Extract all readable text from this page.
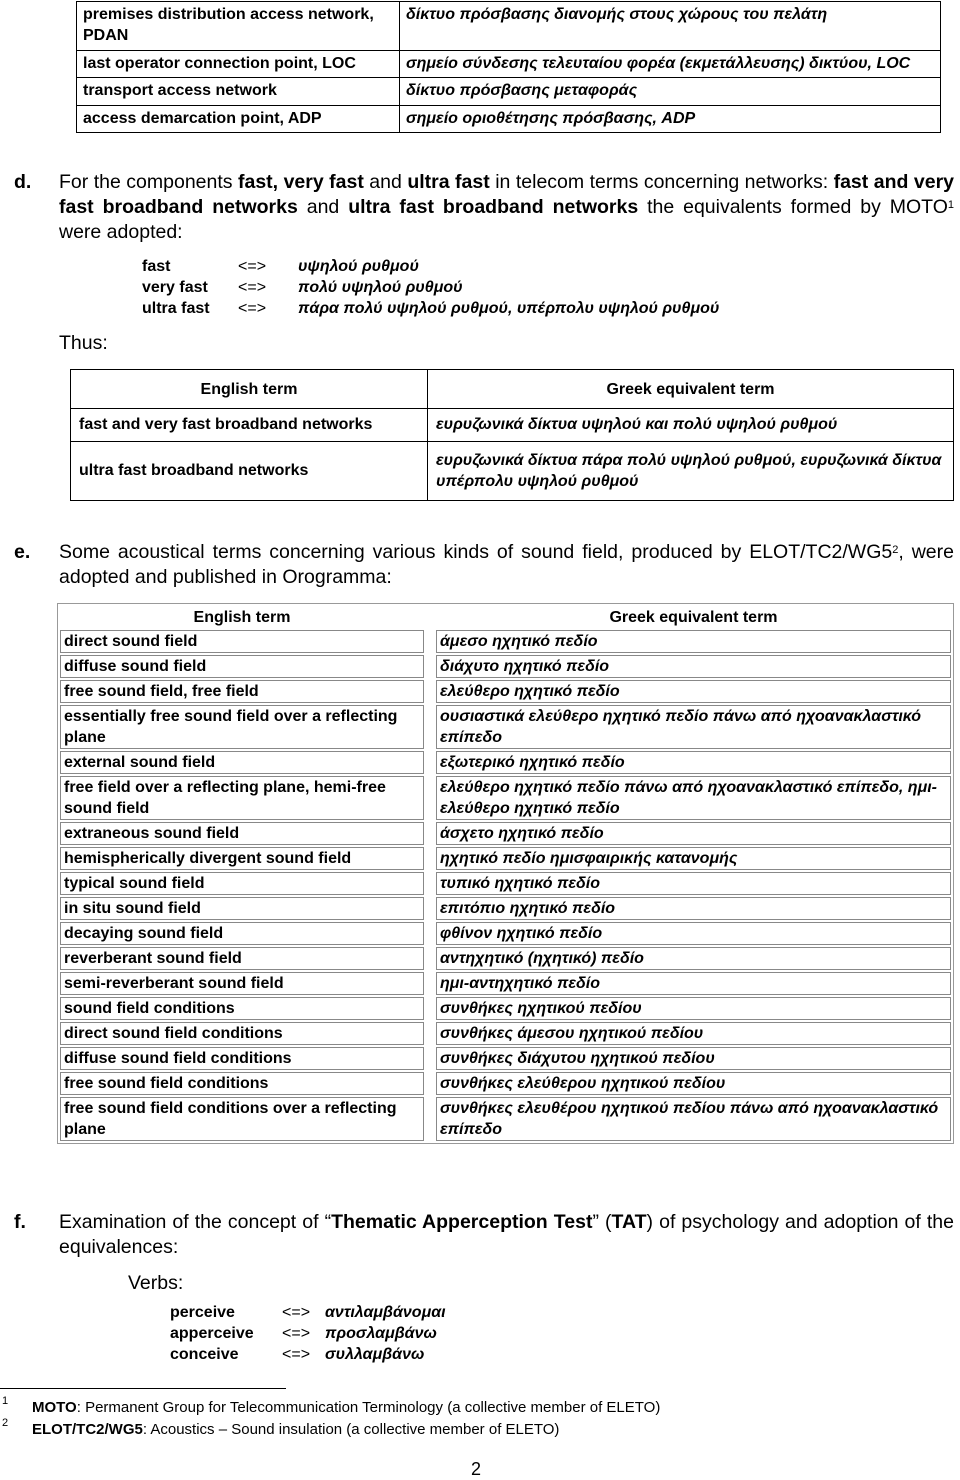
premises distribution access network, PDAN	δίκτυο πρόσβασης διανομής στους χώρους του πελάτη
last operator connection point, LOC	σημείο σύνδεσης τελευταίου φορέα (εκμετάλλευσης) δικτύου, LOC
transport access network	δίκτυο πρόσβασης μεταφοράς
access demarcation point, ADP	σημείο οριοθέτησης πρόσβασης, ADP
d. For the components fast, very fast and ultra fast in telecom terms concerning networks: fast and very fast broadband networks and ultra fast broadband networks the equivalents formed by MOTO$^1$ were adopted:
fast	<=> υψηλού ρυθμού
very fast <=> πολύ υψηλού ρυθμού
ultra fast <=> πάρα πολύ υψηλού ρυθμού, υπέρπολυ υψηλού ρυθμού
Thus:
English term	Greek equivalent term
fast and very fast broadband networks	ευρυζωνικά δίκτυα υψηλού και πολύ υψηλού ρυθμού
ultra fast broadband networks	ευρυζωνικά δίκτυα πάρα πολύ υψηλού ρυθμού, ευρυζωνικά δίκτυα υπέρπολυ υψηλού ρυθμού
e. Some acoustical terms concerning various kinds of sound field, produced by ELOT/$TC2/WG5^2$, were adopted and published in Orogramma:
English term		Greek equivalent term
direct sound field		άμεσο ηχητικό πεδίο
diffuse sound field		διάχυτο ηχητικό πεδίο
free sound field, free field		ελεύθερο ηχητικό πεδίο
essentially free sound field over a reflecting plane		ουσιαστικά ελεύθερο ηχητικό πεδίο πάνω από ηχοανακλαστικό επίπεδο
external sound field		εξωτερικό ηχητικό πεδίο
free field over a reflecting plane, hemi-free sound field		ελεύθερο ηχητικό πεδίο πάνω από ηχοανακλαστικό επίπεδο, ημι-ελεύθερο ηχητικό πεδίο
extraneous sound field		άσχετο ηχητικό πεδίο
hemispherically divergent sound field		ηχητικό πεδίο ημισφαιρικής κατανομής
typical sound field		τυπικό ηχητικό πεδίο
in situ sound field		επιτόπιο ηχητικό πεδίο
decaying sound field		φθίνον ηχητικό πεδίο
reverberant sound field		αντηχητικό (ηχητικό) πεδίο
semi-reverberant sound field		ημι-αντηχητικό πεδίο
sound field conditions		συνθήκες ηχητικού πεδίου
direct sound field conditions		συνθήκες άμεσου ηχητικού πεδίου
diffuse sound field conditions		συνθήκες διάχυτου ηχητικού πεδίου
free sound field conditions		συνθήκες ελεύθερου ηχητικού πεδίου
free sound field conditions over a reflecting plane		συνθήκες ελευθέρου ηχητικού πεδίου πάνω από ηχοανακλαστικό επίπεδο
f. Examination of the concept of “Thematic Apperception Test” (TAT) of psychology and adoption of the equivalences:
Verbs:
perceive	<=> αντιλαμβάνομαι
apperceive <=> προσλαμβάνω
conceive	<=> συλλαμβάνω
1 MOTO: Permanent Group for Telecommunication Terminology (a collective member of ELETO)
2 ELOT/TC2/WG5: Acoustics – Sound insulation (a collective member of ELETO)
2
